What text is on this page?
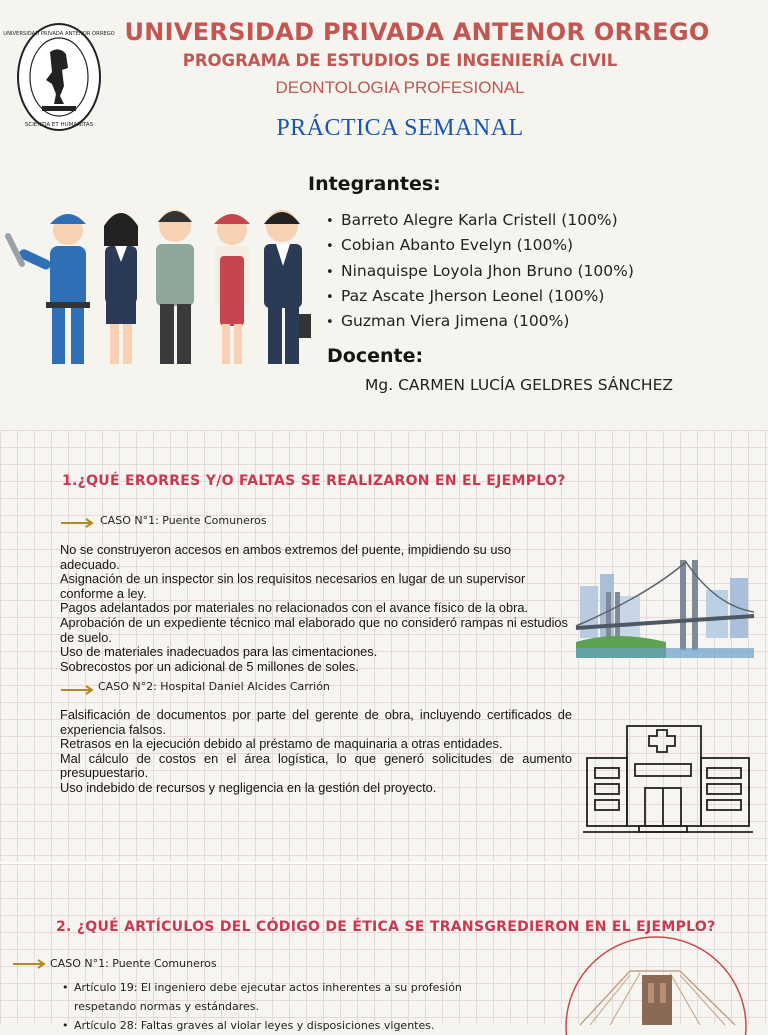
UNIVERSIDAD PRIVADA ANTENOR ORREGO
SCIENTIA ET HUMANITAS
UNIVERSIDAD PRIVADA ANTENOR ORREGO
PROGRAMA DE ESTUDIOS DE INGENIERÍA CIVIL
DEONTOLOGIA PROFESIONAL
PRÁCTICA SEMANAL
Integrantes:
• Barreto Alegre Karla Cristell (100%)
• Cobian Abanto Evelyn (100%)
• Ninaquispe Loyola Jhon Bruno (100%)
• Paz Ascate Jherson Leonel (100%)
• Guzman Viera Jimena (100%)
Docente:
Mg. CARMEN LUCÍA GELDRES SÁNCHEZ
1.¿QUÉ ERORRES Y/O FALTAS SE REALIZARON EN EL EJEMPLO?
CASO N°1: Puente Comuneros

No se construyeron accesos en ambos extremos del puente, impidiendo su uso adecuado.

Asignación de un inspector sin los requisitos necesarios en lugar de un supervisor conforme a ley.

Pagos adelantados por materiales no relacionados con el avance físico de la obra.

Aprobación de un expediente técnico mal elaborado que no consideró rampas ni estudios de suelo.

Uso de materiales inadecuados para las cimentaciones.

Sobrecostos por un adicional de 5 millones de soles.

CASO N°2: Hospital Daniel Alcides Carrión

Falsificación de documentos por parte del gerente de obra, incluyendo certificados de experiencia falsos.

Retrasos en la ejecución debido al préstamo de maquinaria a otras entidades.

Mal cálculo de costos en el área logística, lo que generó solicitudes de aumento presupuestario.

Uso indebido de recursos y negligencia en la gestión del proyecto.

2. ¿QUÉ ARTÍCULOS DEL CÓDIGO DE ÉTICA SE TRANSGREDIERON EN EL EJEMPLO?
CASO N°1: Puente Comuneros
• Artículo 19: El ingeniero debe ejecutar actos inherentes a su profesión respetando normas y estándares.
• Artículo 28: Faltas graves al violar leyes y disposiciones vigentes.
